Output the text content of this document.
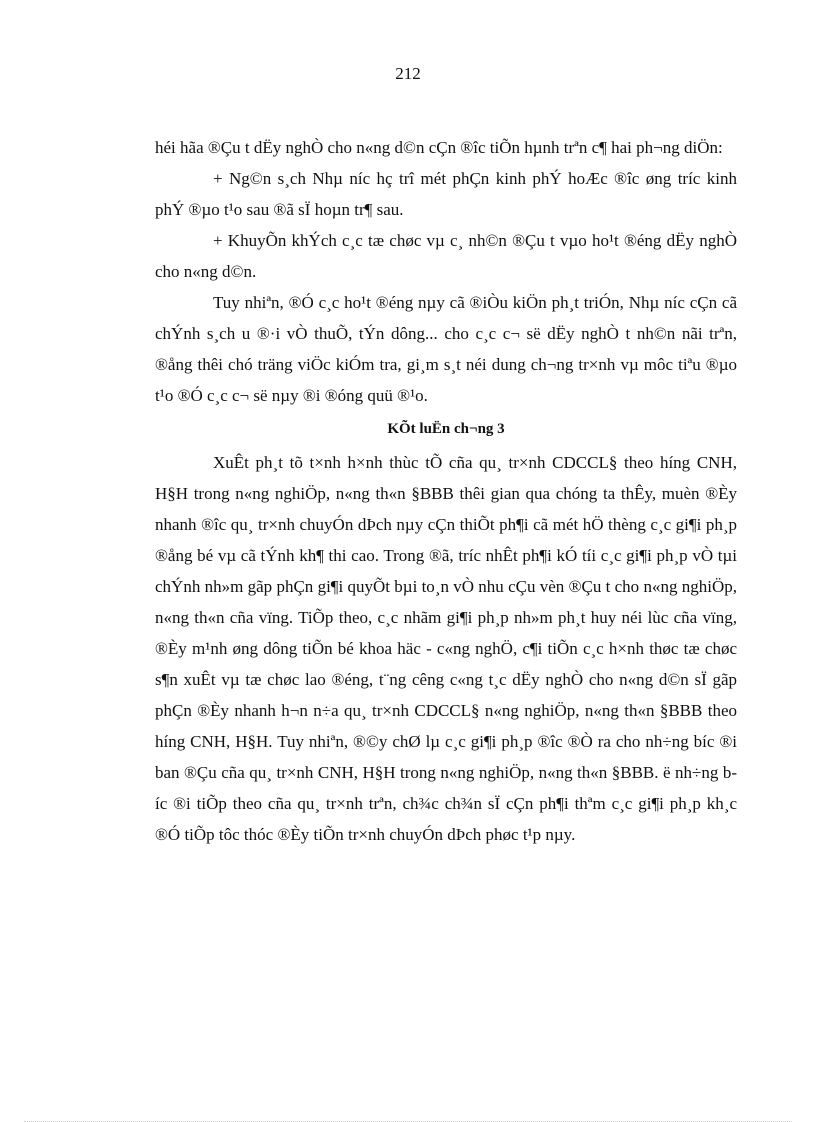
212

héi hãa ®Çu t dËy nghÒ cho n«ng d©n cÇn ®îc tiÕn hµnh trªn c¶ hai ph¬ng diÖn:

+ Ng©n s¸ch Nhµ níc hç trî mét phÇn kinh phÝ hoÆc ®îc øng tríc kinh phÝ ®µo t¹o sau ®ã sÏ hoµn tr¶ sau.

+ KhuyÕn khÝch c¸c tæ chøc vµ c¸ nh©n ®Çu t vµo ho¹t ®éng dËy nghÒ cho n«ng d©n.

Tuy nhiªn, ®Ó c¸c ho¹t ®éng nµy cã ®iÒu kiÖn ph¸t triÓn, Nhµ níc cÇn cã chÝnh s¸ch u ®·i vÒ thuÕ, tÝn dông... cho c¸c c¬ së dËy nghÒ t nh©n nãi trªn, ®ång thêi chó träng viÖc kiÓm tra, gi¸m s¸t néi dung ch¬ng tr×nh vµ môc tiªu ®µo t¹o ®Ó c¸c c¬ së nµy ®i ®óng quü ®¹o.

KÕt luËn ch¬ng 3

XuÊt ph¸t tõ t×nh h×nh thùc tÕ cña qu¸ tr×nh CDCCL§ theo híng CNH, H§H trong n«ng nghiÖp, n«ng th«n §BBB thêi gian qua chóng ta thÊy, muèn ®Èy nhanh ®îc qu¸ tr×nh chuyÓn dÞch nµy cÇn thiÕt ph¶i cã mét hÖ thèng c¸c gi¶i ph¸p ®ång bé vµ cã tÝnh kh¶ thi cao. Trong ®ã, tríc nhÊt ph¶i kÓ tíi c¸c gi¶i ph¸p vÒ tµi chÝnh nh»m gãp phÇn gi¶i quyÕt bµi to¸n vÒ nhu cÇu vèn ®Çu t cho n«ng nghiÖp, n«ng th«n cña vïng. TiÕp theo, c¸c nhãm gi¶i ph¸p nh»m ph¸t huy néi lùc cña vïng, ®Èy m¹nh øng dông tiÕn bé khoa häc - c«ng nghÖ, c¶i tiÕn c¸c h×nh thøc tæ chøc s¶n xuÊt vµ tæ chøc lao ®éng, t¨ng cêng c«ng t¸c dËy nghÒ cho n«ng d©n sÏ gãp phÇn ®Èy nhanh h¬n n÷a qu¸ tr×nh CDCCL§ n«ng nghiÖp, n«ng th«n §BBB theo híng CNH, H§H. Tuy nhiªn, ®©y chØ lµ c¸c gi¶i ph¸p ®îc ®Ò ra cho nh÷ng bíc ®i ban ®Çu cña qu¸ tr×nh CNH, H§H trong n«ng nghiÖp, n«ng th«n §BBB. ë nh÷ng bíc ®i tiÕp theo cña qu¸ tr×nh trªn, ch¾c ch¾n sÏ cÇn ph¶i thªm c¸c gi¶i ph¸p kh¸c ®Ó tiÕp tôc thóc ®Èy tiÕn tr×nh chuyÓn dÞch phøc t¹p nµy.
